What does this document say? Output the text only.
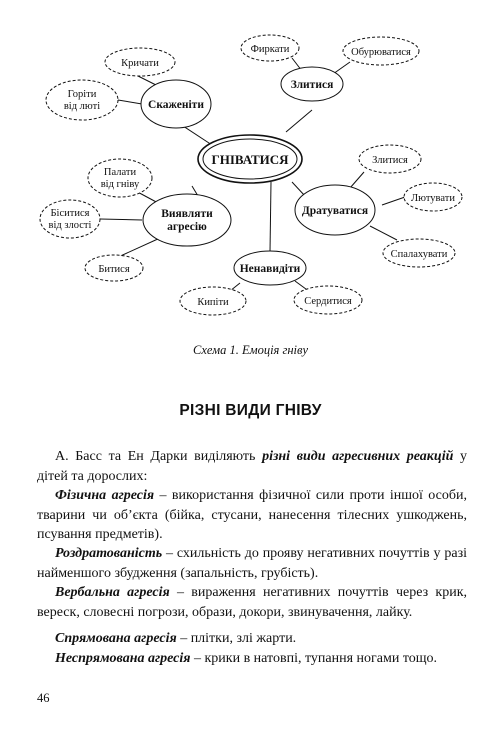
ГНІВАТИСЯ
Скаженіти
Кричати
Горіти від люті
Злитися
Фиркати	Обурюватися
Виявляти агресію
Палати від гніву
Біситися від злості
Битися
Дратуватися
Злитися
Лютувати
Спалахувати
Ненавидіти
Кипіти	Сердитися
Схема 1. Емоція гніву
РІЗНІ ВИДИ ГНІВУ

А. Басс та Ен Дарки виділяють різні види агресивних реакцій у дітей та дорослих:

Фізична агресія – використання фізичної сили проти іншої особи, тварини чи об’єкта (бійка, стусани, нанесення тілесних ушкоджень, псування предметів).

Роздратованість – схильність до прояву негативних почуттів у разі найменшого збудження (запальність, грубість).

Вербальна агресія – вираження негативних почуттів через крик, вереск, словесні погрози, образи, докори, звинувачення, лайку.

Спрямована агресія – плітки, злі жарти.

Неспрямована агресія – крики в натовпі, тупання ногами тощо.

46
